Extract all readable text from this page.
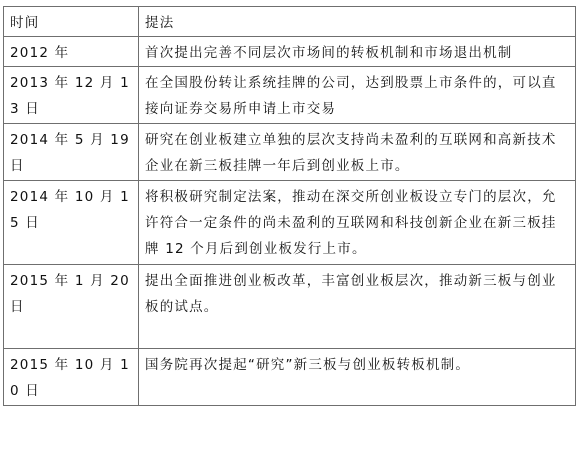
时间	提法
2012 年	首次提出完善不同层次市场间的转板机制和市场退出机制
2013 年 12 月 13 日	在全国股份转让系统挂牌的公司，达到股票上市条件的，可以直接向证券交易所申请上市交易
2014 年 5 月 19 日	研究在创业板建立单独的层次支持尚未盈利的互联网和高新技术企业在新三板挂牌一年后到创业板上市。
2014 年 10 月 15 日	将积极研究制定法案，推动在深交所创业板设立专门的层次，允许符合一定条件的尚未盈利的互联网和科技创新企业在新三板挂牌 12 个月后到创业板发行上市。
2015 年 1 月 20 日	提出全面推进创业板改革，丰富创业板层次，推动新三板与创业板的试点。
2015 年 10 月 10 日	国务院再次提起“研究”新三板与创业板转板机制。
